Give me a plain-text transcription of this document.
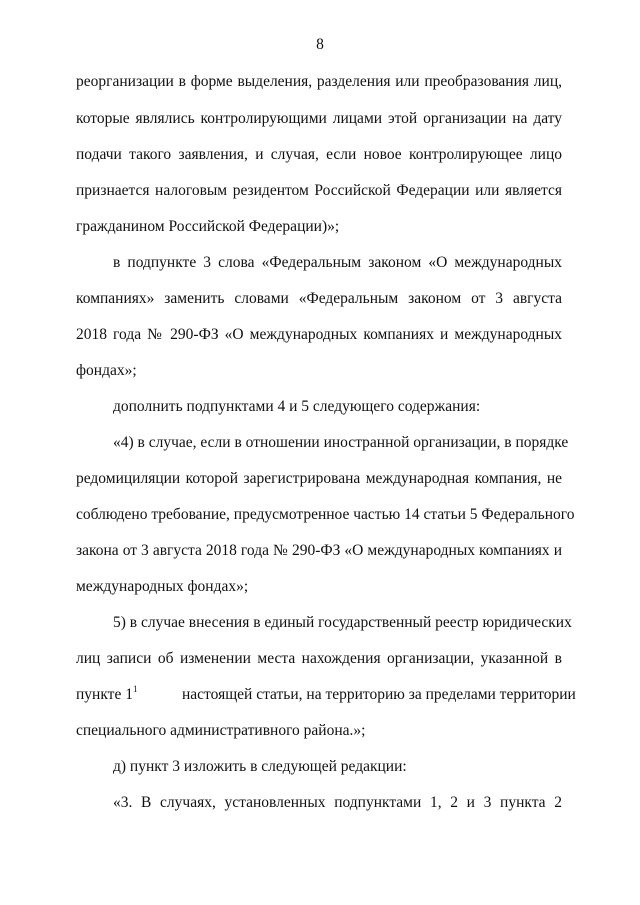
8
реорганизации в форме выделения, разделения или преобразования лиц,
которые являлись контролирующими лицами этой организации на дату
подачи такого заявления, и случая, если новое контролирующее лицо
признается налоговым резидентом Российской Федерации или является
гражданином Российской Федерации)»;
в подпункте 3 слова «Федеральным законом «О международных
компаниях» заменить словами «Федеральным законом от 3 августа
2018 года № 290-ФЗ «О международных компаниях и международных
фондах»;
дополнить подпунктами 4 и 5 следующего содержания:
«4) в случае, если в отношении иностранной организации, в порядке
редомициляции которой зарегистрирована международная компания, не
соблюдено требование, предусмотренное частью 14 статьи 5 Федерального
закона от 3 августа 2018 года № 290-ФЗ «О международных компаниях и
международных фондах»;
5) в случае внесения в единый государственный реестр юридических
лиц записи об изменении места нахождения организации, указанной в
пункте $1^1$	настоящей статьи, на территорию за пределами территории
специального административного района.»;
д) пункт 3 изложить в следующей редакции:
«3. В случаях, установленных подпунктами 1, 2 и 3 пункта 2
